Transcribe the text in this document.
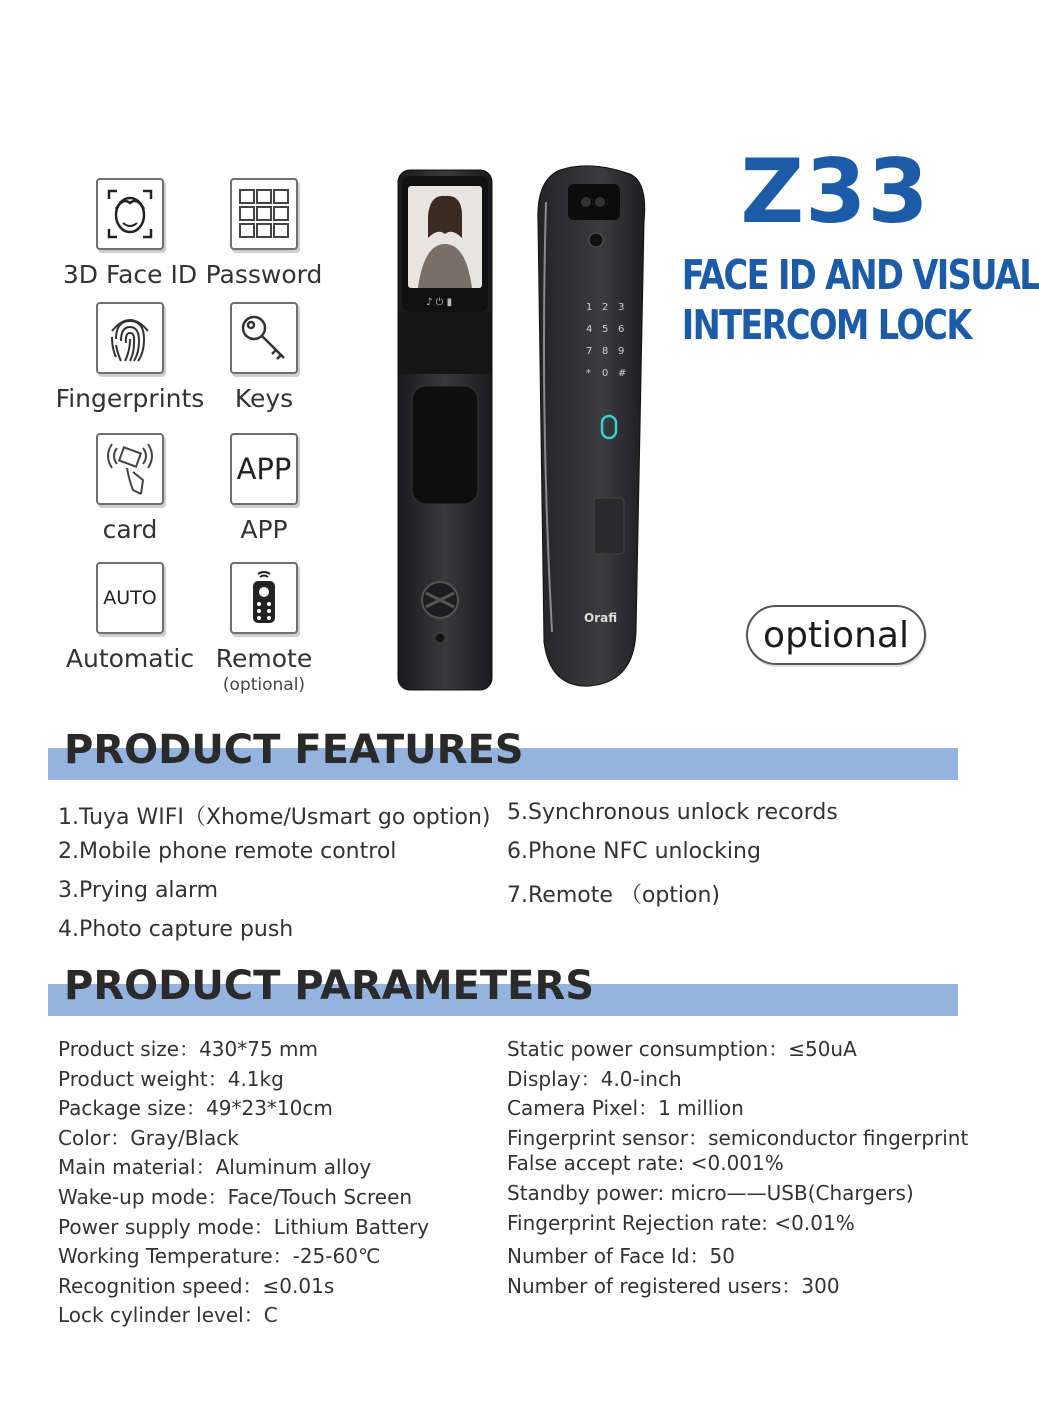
3D Face ID Password
Fingerprints	Keys
card
APP
APP
AUTO
Automatic Remote
(optional)
♪ ⏻ ▮	1 2 3
4 5 6
7 8 9
* 0 #
Orafi
Z33
FACE ID AND VISUAL
INTERCOM LOCK
optional
PRODUCT FEATURES
1.Tuya WIFI（Xhome/Usmart go option)
2.Mobile phone remote control
3.Prying alarm
4.Photo capture push
5.Synchronous unlock records
6.Phone NFC unlocking
7.Remote （option)
PRODUCT PARAMETERS
Product size：430*75 mm
Product weight：4.1kg
Package size：49*23*10cm
Color：Gray/Black
Main material：Aluminum alloy
Wake-up mode：Face/Touch Screen
Power supply mode：Lithium Battery
Working Temperature：-25-60℃
Recognition speed：≤0.01s
Lock cylinder level：C
Static power consumption：≤50uA
Display：4.0-inch
Camera Pixel：1 million
Fingerprint sensor：semiconductor fingerprint
False accept rate: <0.001%
Standby power: micro——USB(Chargers)
Fingerprint Rejection rate: <0.01%
Number of Face Id：50
Number of registered users：300
